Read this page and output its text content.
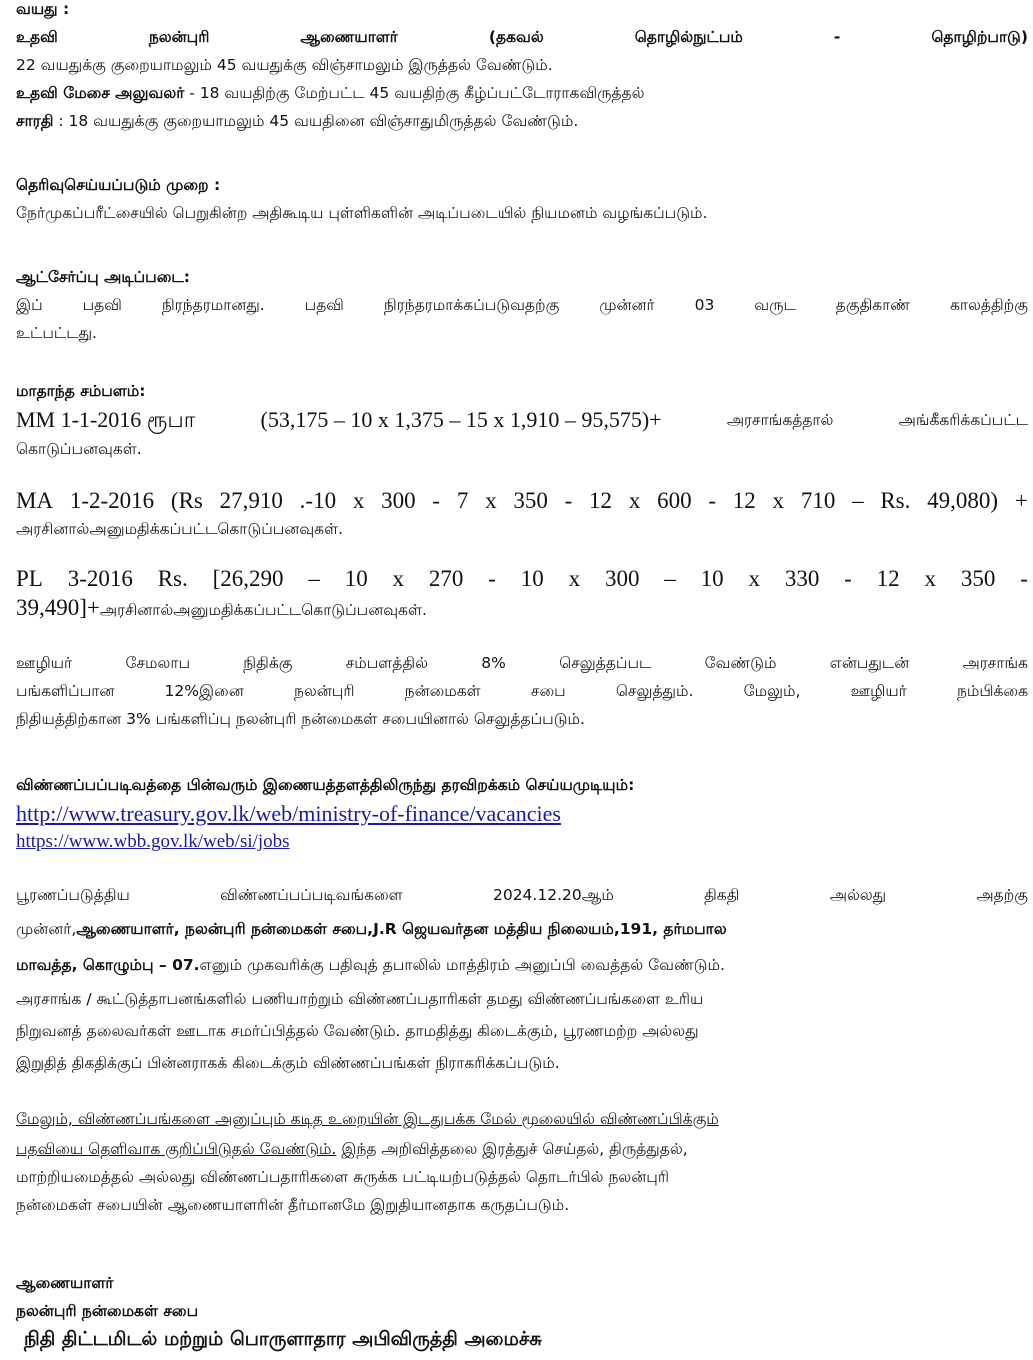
வயது :
உதவி	நலன்புரி	ஆணையாளர்	(தகவல்	தொழில்நுட்பம்	-	தொழிற்பாடு)
22 வயதுக்கு குறையாமலும் 45 வயதுக்கு விஞ்சாமலும் இருத்தல் வேண்டும்.
உதவி மேசை அலுவலர் - 18 வயதிற்கு மேற்பட்ட 45 வயதிற்கு கீழ்ப்பட்டோராகவிருத்தல்
சாரதி : 18 வயதுக்கு குறையாமலும் 45 வயதினை விஞ்சாதுமிருத்தல் வேண்டும்.
தெரிவுசெய்யப்படும் முறை :
நேர்முகப்பரீட்சையில் பெறுகின்ற அதிகூடிய புள்ளிகளின் அடிப்படையில் நியமனம் வழங்கப்படும்.
ஆட்சேர்ப்பு அடிப்படை:
இப்	பதவி	நிரந்தரமானது.	பதவி	நிரந்தரமாக்கப்படுவதற்கு	முன்னர்	03	வருட	தகுதிகாண்	காலத்திற்கு
உட்பட்டது.
மாதாந்த சம்பளம்:
MM 1-1-2016 ரூபா	(53,175 – 10 x 1,375 – 15 x 1,910 – 95,575)+	அரசாங்கத்தால்	அங்கீகரிக்கப்பட்ட
கொடுப்பனவுகள்.
MA 1-2-2016 (Rs 27,910 .-10 x 300 - 7 x 350 - 12 x 600 - 12 x 710 – Rs. 49,080) +
அரசினால்அனுமதிக்கப்பட்டகொடுப்பனவுகள்.
PL 3-2016 Rs. [26,290 – 10 x 270 - 10 x 300 – 10 x 330 - 12 x 350 -
39,490]+அரசினால்அனுமதிக்கப்பட்டகொடுப்பனவுகள்.
ஊழியர்	சேமலாப	நிதிக்கு	சம்பளத்தில்	8%	செலுத்தப்பட	வேண்டும்	என்பதுடன்	அரசாங்க
பங்களிப்பான	12%இனை	நலன்புரி	நன்மைகள்	சபை	செலுத்தும்.	மேலும்,	ஊழியர்	நம்பிக்கை
நிதியத்திற்கான 3% பங்களிப்பு நலன்புரி நன்மைகள் சபையினால் செலுத்தப்படும்.
விண்ணப்பப்படிவத்தை பின்வரும் இணையத்தளத்திலிருந்து தரவிறக்கம் செய்யமுடியும்:
http://www.treasury.gov.lk/web/ministry-of-finance/vacancies
https://www.wbb.gov.lk/web/si/jobs
பூரணப்படுத்திய	விண்ணப்பப்படிவங்களை	2024.12.20ஆம்	திகதி	அல்லது	அதற்கு
முன்னர்,ஆணையாளர், நலன்புரி நன்மைகள் சபை,J.R ஜெயவர்தன மத்திய நிலையம்,191, தர்மபால
மாவத்த, கொழும்பு – 07.எனும் முகவரிக்கு பதிவுத் தபாலில் மாத்திரம் அனுப்பி வைத்தல் வேண்டும்.
அரசாங்க / கூட்டுத்தாபனங்களில் பணியாற்றும் விண்ணப்பதாரிகள் தமது விண்ணப்பங்களை உரிய
நிறுவனத் தலைவர்கள் ஊடாக சமர்ப்பித்தல் வேண்டும். தாமதித்து கிடைக்கும், பூரணமற்ற அல்லது
இறுதித் திகதிக்குப் பின்னராகக் கிடைக்கும் விண்ணப்பங்கள் நிராகரிக்கப்படும்.
மேலும், விண்ணப்பங்களை அனுப்பும் கடித உறையின் இடதுபக்க மேல் மூலையில் விண்ணப்பிக்கும்
பதவியை தெளிவாக குறிப்பிடுதல் வேண்டும். இந்த அறிவித்தலை இரத்துச் செய்தல், திருத்துதல்,
மாற்றியமைத்தல் அல்லது விண்ணப்பதாரிகளை சுருக்க பட்டியற்படுத்தல் தொடர்பில் நலன்புரி
நன்மைகள் சபையின் ஆணையாளரின் தீர்மானமே இறுதியானதாக கருதப்படும்.
ஆணையாளர்
நலன்புரி நன்மைகள் சபை
நிதி திட்டமிடல் மற்றும் பொருளாதார அபிவிருத்தி அமைச்சு
